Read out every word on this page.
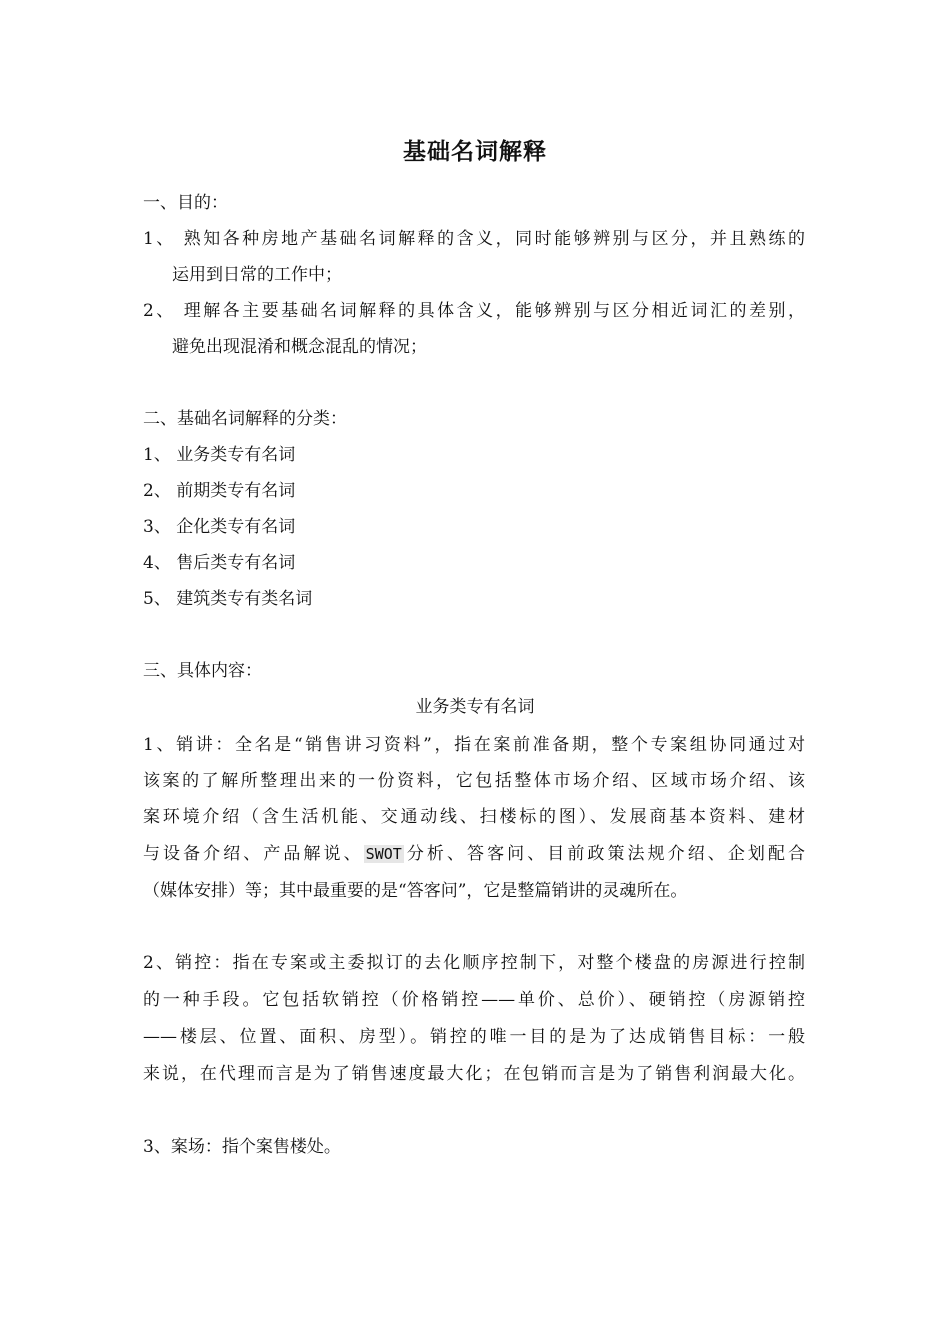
基础名词解释
一、目的：
1、 熟知各种房地产基础名词解释的含义，同时能够辨别与区分，并且熟练的
运用到日常的工作中；
2、 理解各主要基础名词解释的具体含义，能够辨别与区分相近词汇的差别，
避免出现混淆和概念混乱的情况；
二、基础名词解释的分类：
1、 业务类专有名词
2、 前期类专有名词
3、 企化类专有名词
4、 售后类专有名词
5、 建筑类专有类名词
三、具体内容：
业务类专有名词
1、销讲：全名是“销售讲习资料”，指在案前准备期，整个专案组协同通过对
该案的了解所整理出来的一份资料，它包括整体市场介绍、区域市场介绍、该
案环境介绍（含生活机能、交通动线、扫楼标的图）、发展商基本资料、建材
与设备介绍、产品解说、 SWOT 分析、答客问、目前政策法规介绍、企划配合
（媒体安排）等；其中最重要的是“答客问”，它是整篇销讲的灵魂所在。
2、销控：指在专案或主委拟订的去化顺序控制下，对整个楼盘的房源进行控制
的一种手段。它包括软销控（价格销控——单价、总价）、硬销控（房源销控
——楼层、位置、面积、房型）。销控的唯一目的是为了达成销售目标：一般
来说，在代理而言是为了销售速度最大化；在包销而言是为了销售利润最大化。
3、案场：指个案售楼处。
